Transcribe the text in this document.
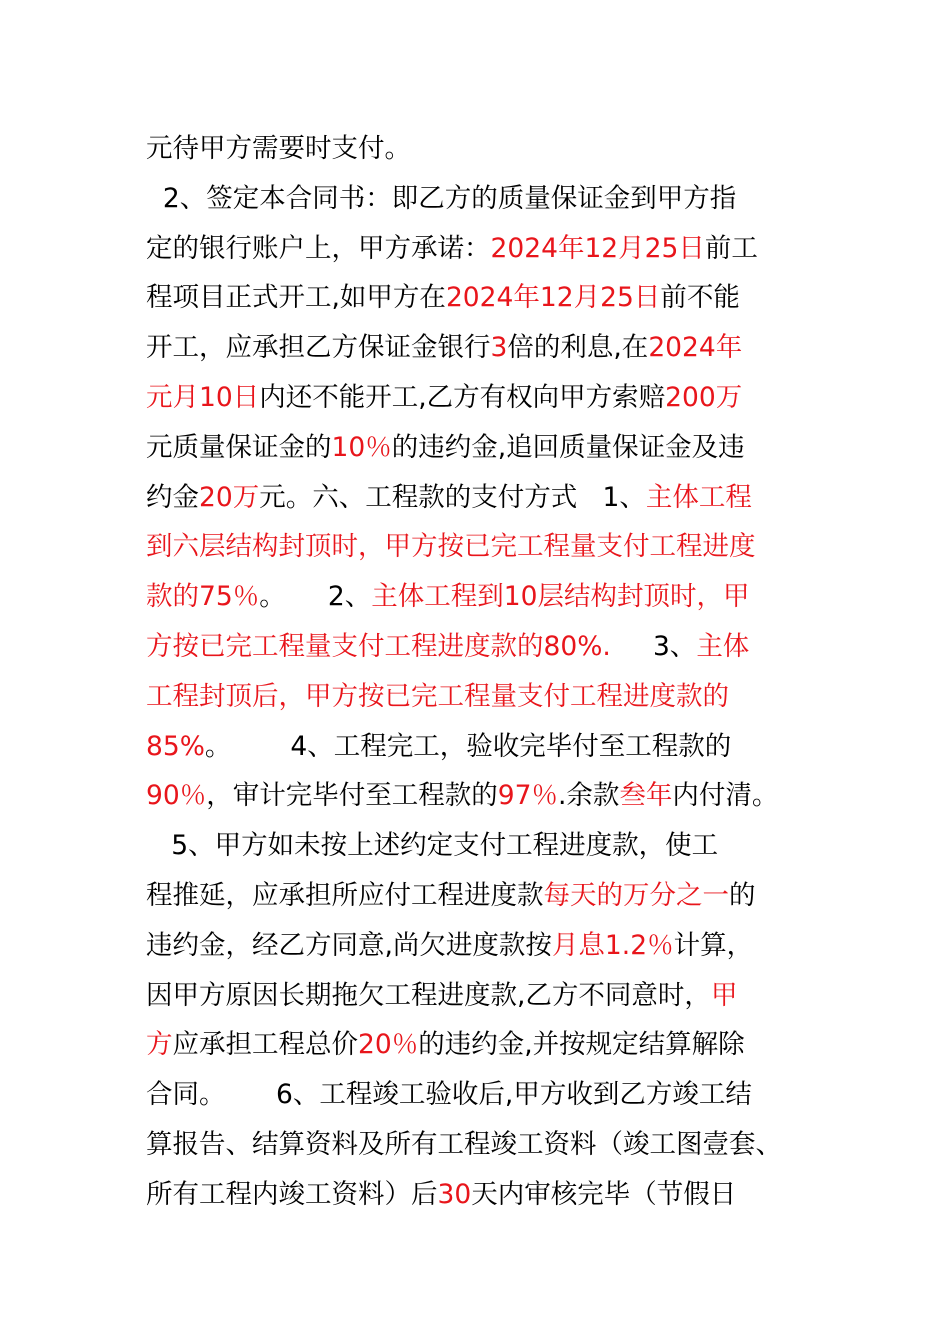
元待甲方需要时支付。
2、签定本合同书：即乙方的质量保证金到甲方指
定的银行账户上，甲方承诺：2024年12月25日前工
程项目正式开工,如甲方在2024年12月25日前不能
开工，应承担乙方保证金银行3倍的利息,在2024年
元月10日内还不能开工,乙方有权向甲方索赔200万
元质量保证金的10％的违约金,追回质量保证金及违
约金20万元。六、工程款的支付方式   1、主体工程
到六层结构封顶时，甲方按已完工程量支付工程进度
款的75％。     2、主体工程到10层结构封顶时，甲
方按已完工程量支付工程进度款的80%.     3、主体
工程封顶后，甲方按已完工程量支付工程进度款的
85%。       4、工程完工，验收完毕付至工程款的
90％，审计完毕付至工程款的97％.余款叁年内付清。
5、甲方如未按上述约定支付工程进度款，使工
程推延，应承担所应付工程进度款每天的万分之一的
违约金，经乙方同意,尚欠进度款按月息1.2％计算，
因甲方原因长期拖欠工程进度款,乙方不同意时，甲
方应承担工程总价20％的违约金,并按规定结算解除
合同。      6、工程竣工验收后,甲方收到乙方竣工结
算报告、结算资料及所有工程竣工资料（竣工图壹套、
所有工程内竣工资料）后30天内审核完毕（节假日
